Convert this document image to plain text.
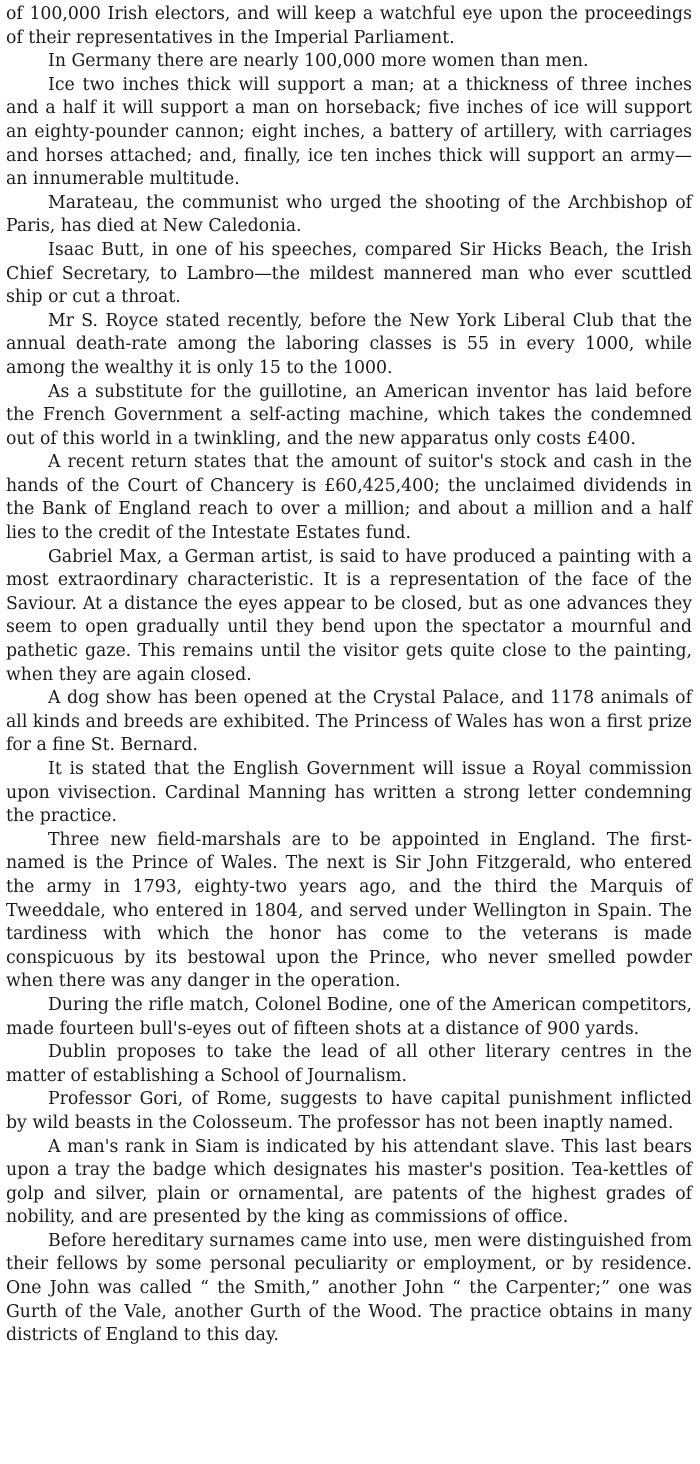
of 100,000 Irish electors, and will keep a watchful eye upon the proceedings of their representatives in the Imperial Parliament.

In Germany there are nearly 100,000 more women than men.

Ice two inches thick will support a man; at a thickness of three inches and a half it will support a man on horseback; five inches of ice will support an eighty-pounder cannon; eight inches, a battery of artillery, with carriages and horses attached; and, finally, ice ten inches thick will support an army—an innumerable multitude.

Marateau, the communist who urged the shooting of the Archbishop of Paris, has died at New Caledonia.

Isaac Butt, in one of his speeches, compared Sir Hicks Beach, the Irish Chief Secretary, to Lambro—the mildest mannered man who ever scuttled ship or cut a throat.

Mr S. Royce stated recently, before the New York Liberal Club that the annual death-rate among the laboring classes is 55 in every 1000, while among the wealthy it is only 15 to the 1000.

As a substitute for the guillotine, an American inventor has laid before the French Government a self-acting machine, which takes the condemned out of this world in a twinkling, and the new apparatus only costs £400.

A recent return states that the amount of suitor's stock and cash in the hands of the Court of Chancery is £60,425,400; the unclaimed dividends in the Bank of England reach to over a million; and about a million and a half lies to the credit of the Intestate Estates fund.

Gabriel Max, a German artist, is said to have produced a painting with a most extraordinary characteristic. It is a representation of the face of the Saviour. At a distance the eyes appear to be closed, but as one advances they seem to open gradually until they bend upon the spectator a mournful and pathetic gaze. This remains until the visitor gets quite close to the painting, when they are again closed.

A dog show has been opened at the Crystal Palace, and 1178 animals of all kinds and breeds are exhibited. The Princess of Wales has won a first prize for a fine St. Bernard.

It is stated that the English Government will issue a Royal commission upon vivisection. Cardinal Manning has written a strong letter condemning the practice.

Three new field-marshals are to be appointed in England. The first-named is the Prince of Wales. The next is Sir John Fitzgerald, who entered the army in 1793, eighty-two years ago, and the third the Marquis of Tweeddale, who entered in 1804, and served under Wellington in Spain. The tardiness with which the honor has come to the veterans is made conspicuous by its bestowal upon the Prince, who never smelled powder when there was any danger in the operation.

During the rifle match, Colonel Bodine, one of the American competitors, made fourteen bull's-eyes out of fifteen shots at a distance of 900 yards.

Dublin proposes to take the lead of all other literary centres in the matter of establishing a School of Journalism.

Professor Gori, of Rome, suggests to have capital punishment inflicted by wild beasts in the Colosseum. The professor has not been inaptly named.

A man's rank in Siam is indicated by his attendant slave. This last bears upon a tray the badge which designates his master's position. Tea-kettles of golp and silver, plain or ornamental, are patents of the highest grades of nobility, and are presented by the king as commissions of office.

Before hereditary surnames came into use, men were distinguished from their fellows by some personal peculiarity or employment, or by residence. One John was called “ the Smith,” another John “ the Carpenter;” one was Gurth of the Vale, another Gurth of the Wood. The practice obtains in many districts of England to this day.
